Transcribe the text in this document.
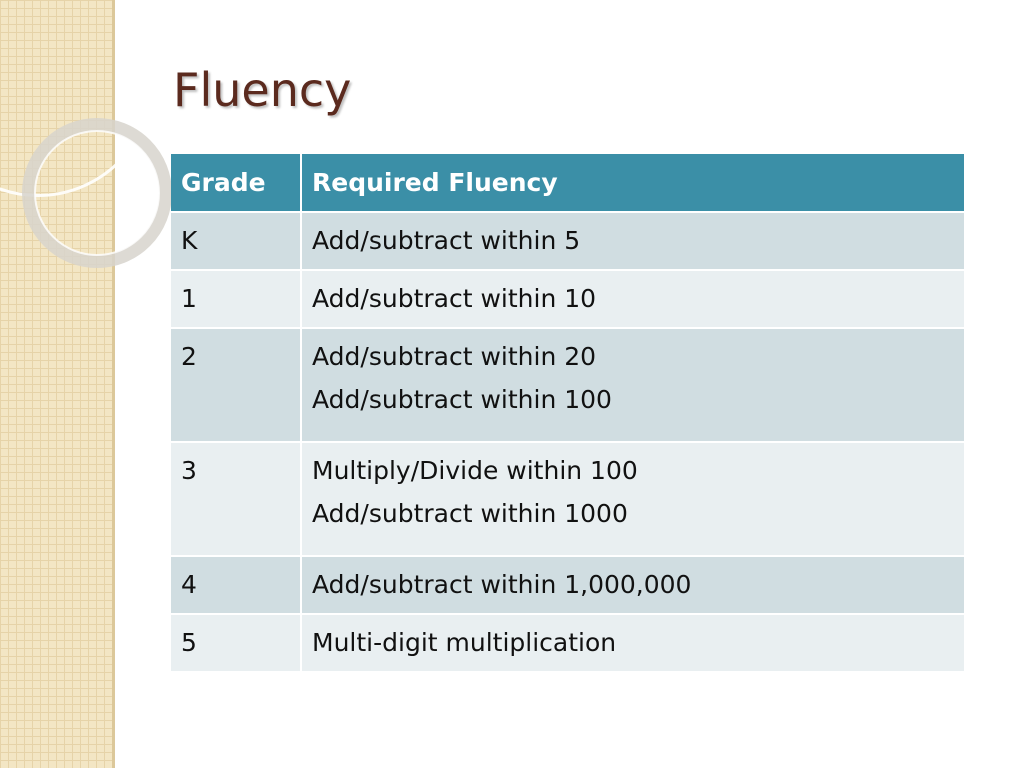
Fluency
Grade	Required Fluency
K	Add/subtract within 5

1	Add/subtract within 10

2	Add/subtract within 20
Add/subtract within 100

3	Multiply/Divide within 100
Add/subtract within 1000

4	Add/subtract within 1,000,000

5	Multi-digit multiplication
